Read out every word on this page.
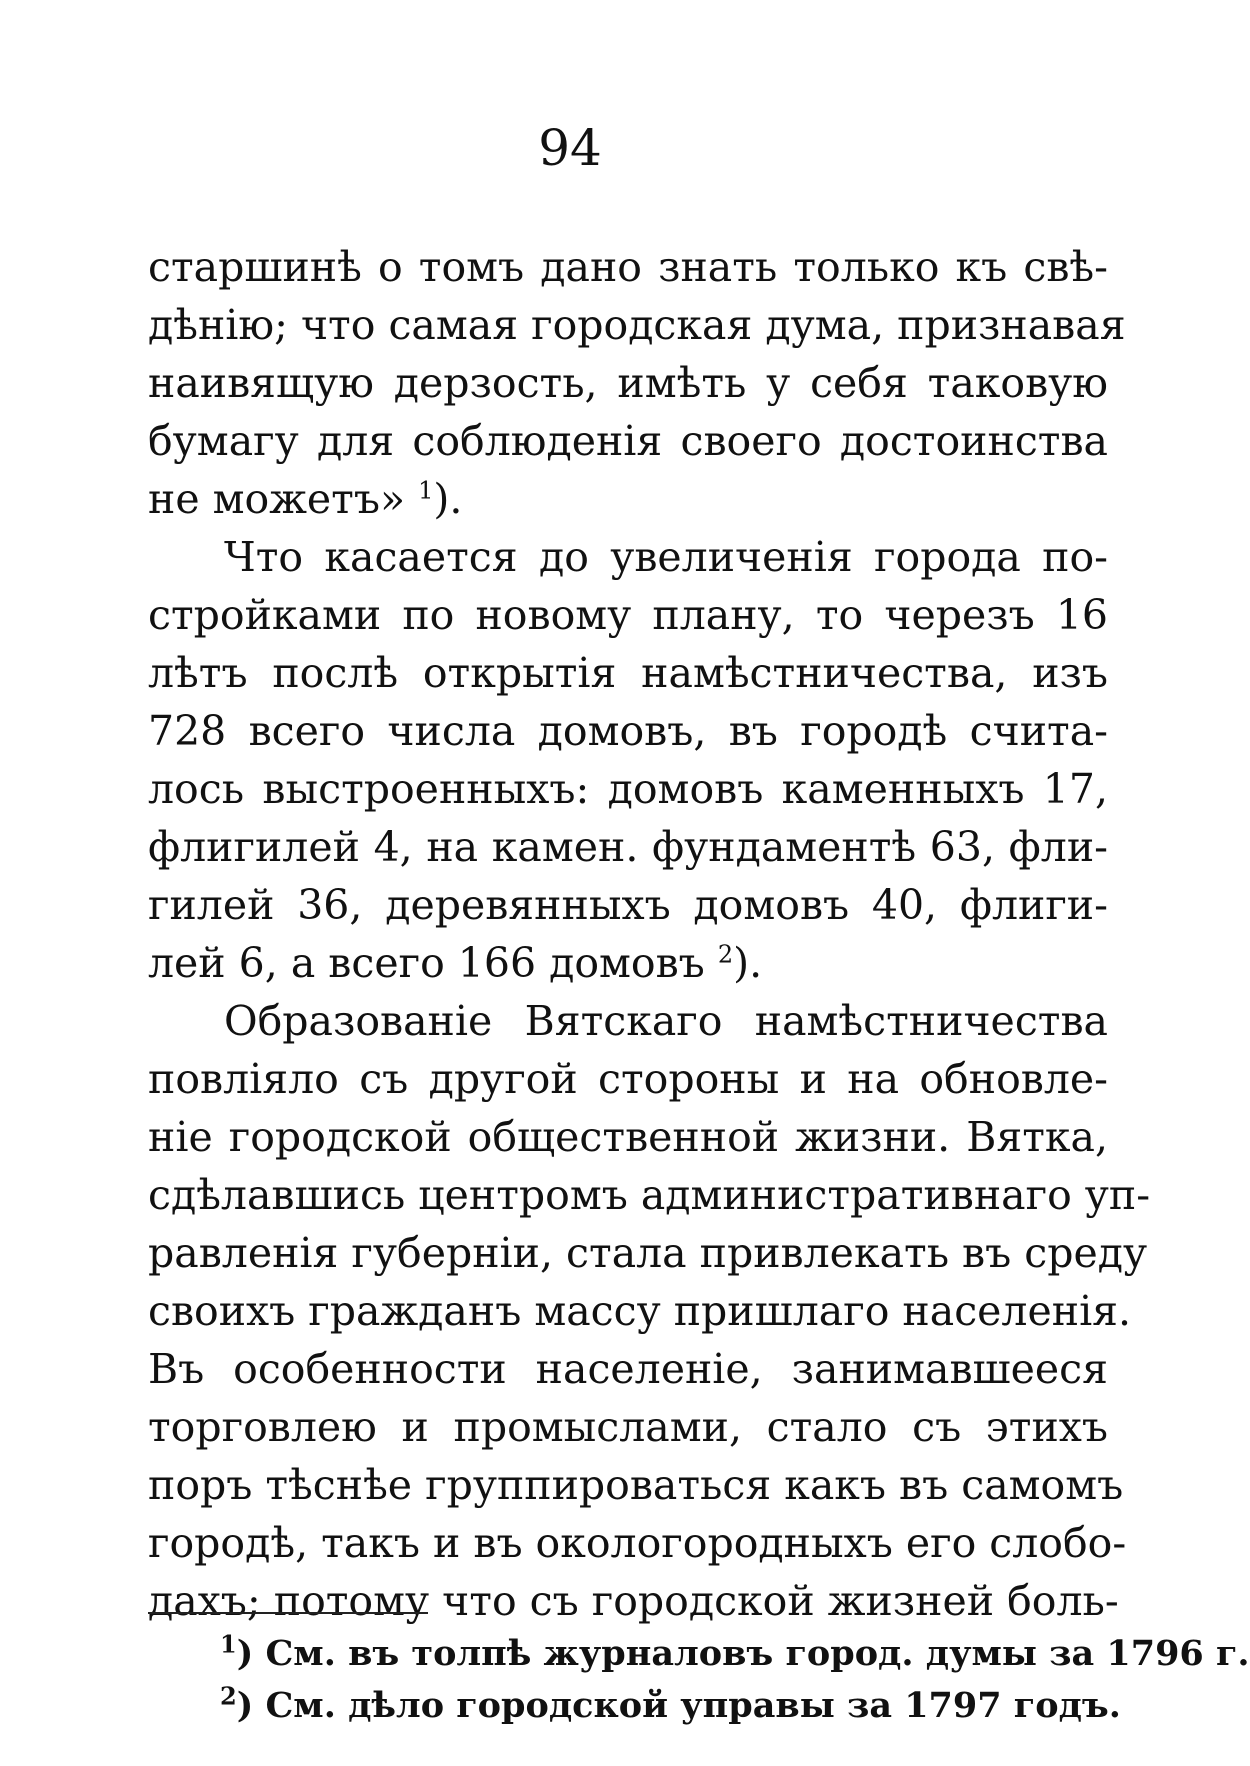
94
старшинѣ о томъ дано знать только къ свѣ-
дѣнію; что самая городская дума, признавая
наивящую дерзость, имѣть у себя таковую
бумагу для соблюденія своего достоинства
не можетъ» $^1$).
Что касается до увеличенія города по-
стройками по новому плану, то черезъ 16
лѣтъ послѣ открытія намѣстничества, изъ
728 всего числа домовъ, въ городѣ счита-
лось выстроенныхъ: домовъ каменныхъ 17,
флигилей 4, на камен. фундаментѣ 63, фли-
гилей 36, деревянныхъ домовъ 40, флиги-
лей 6, а всего 166 домовъ $^2$).
Образованіе Вятскаго намѣстничества
повліяло съ другой стороны и на обновле-
ніе городской общественной жизни. Вятка,
сдѣлавшись центромъ административнаго уп-
равленія губерніи, стала привлекать въ среду
своихъ гражданъ массу пришлаго населенія.
Въ особенности населеніе, занимавшееся
торговлею и промыслами, стало съ этихъ
поръ тѣснѣе группироваться какъ въ самомъ
городѣ, такъ и въ окологородныхъ его слобо-
дахъ; потому что съ городской жизней боль-
$^1$) См. въ толпѣ журналовъ город. думы за 1796 г.
$^2$) См. дѣло городской управы за 1797 годъ.
